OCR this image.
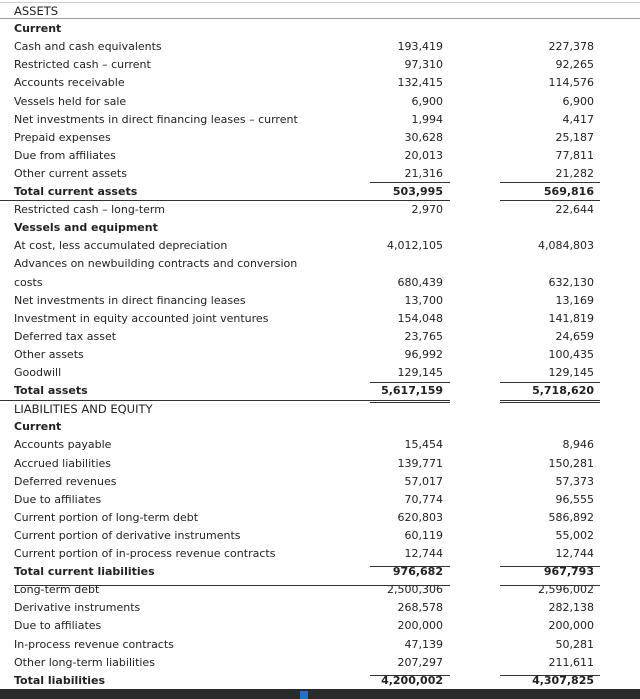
ASSETS
Current
Cash and cash equivalents	193,419	227,378
Restricted cash – current	97,310	92,265
Accounts receivable	132,415	114,576
Vessels held for sale	6,900	6,900
Net investments in direct financing leases – current	1,994	4,417
Prepaid expenses	30,628	25,187
Due from affiliates	20,013	77,811
Other current assets	21,316	21,282
Total current assets	503,995	569,816
Restricted cash – long-term	2,970	22,644
Vessels and equipment
At cost, less accumulated depreciation	4,012,105	4,084,803
Advances on newbuilding contracts and conversion
costs	680,439	632,130
Net investments in direct financing leases	13,700	13,169
Investment in equity accounted joint ventures	154,048	141,819
Deferred tax asset	23,765	24,659
Other assets	96,992	100,435
Goodwill	129,145	129,145
Total assets	5,617,159	5,718,620
LIABILITIES AND EQUITY
Current
Accounts payable	15,454	8,946
Accrued liabilities	139,771	150,281
Deferred revenues	57,017	57,373
Due to affiliates	70,774	96,555
Current portion of long-term debt	620,803	586,892
Current portion of derivative instruments	60,119	55,002
Current portion of in-process revenue contracts	12,744	12,744
Total current liabilities	976,682	967,793
Long-term debt	2,500,306	2,596,002
Derivative instruments	268,578	282,138
Due to affiliates	200,000	200,000
In-process revenue contracts	47,139	50,281
Other long-term liabilities	207,297	211,611
Total liabilities	4,200,002	4,307,825
